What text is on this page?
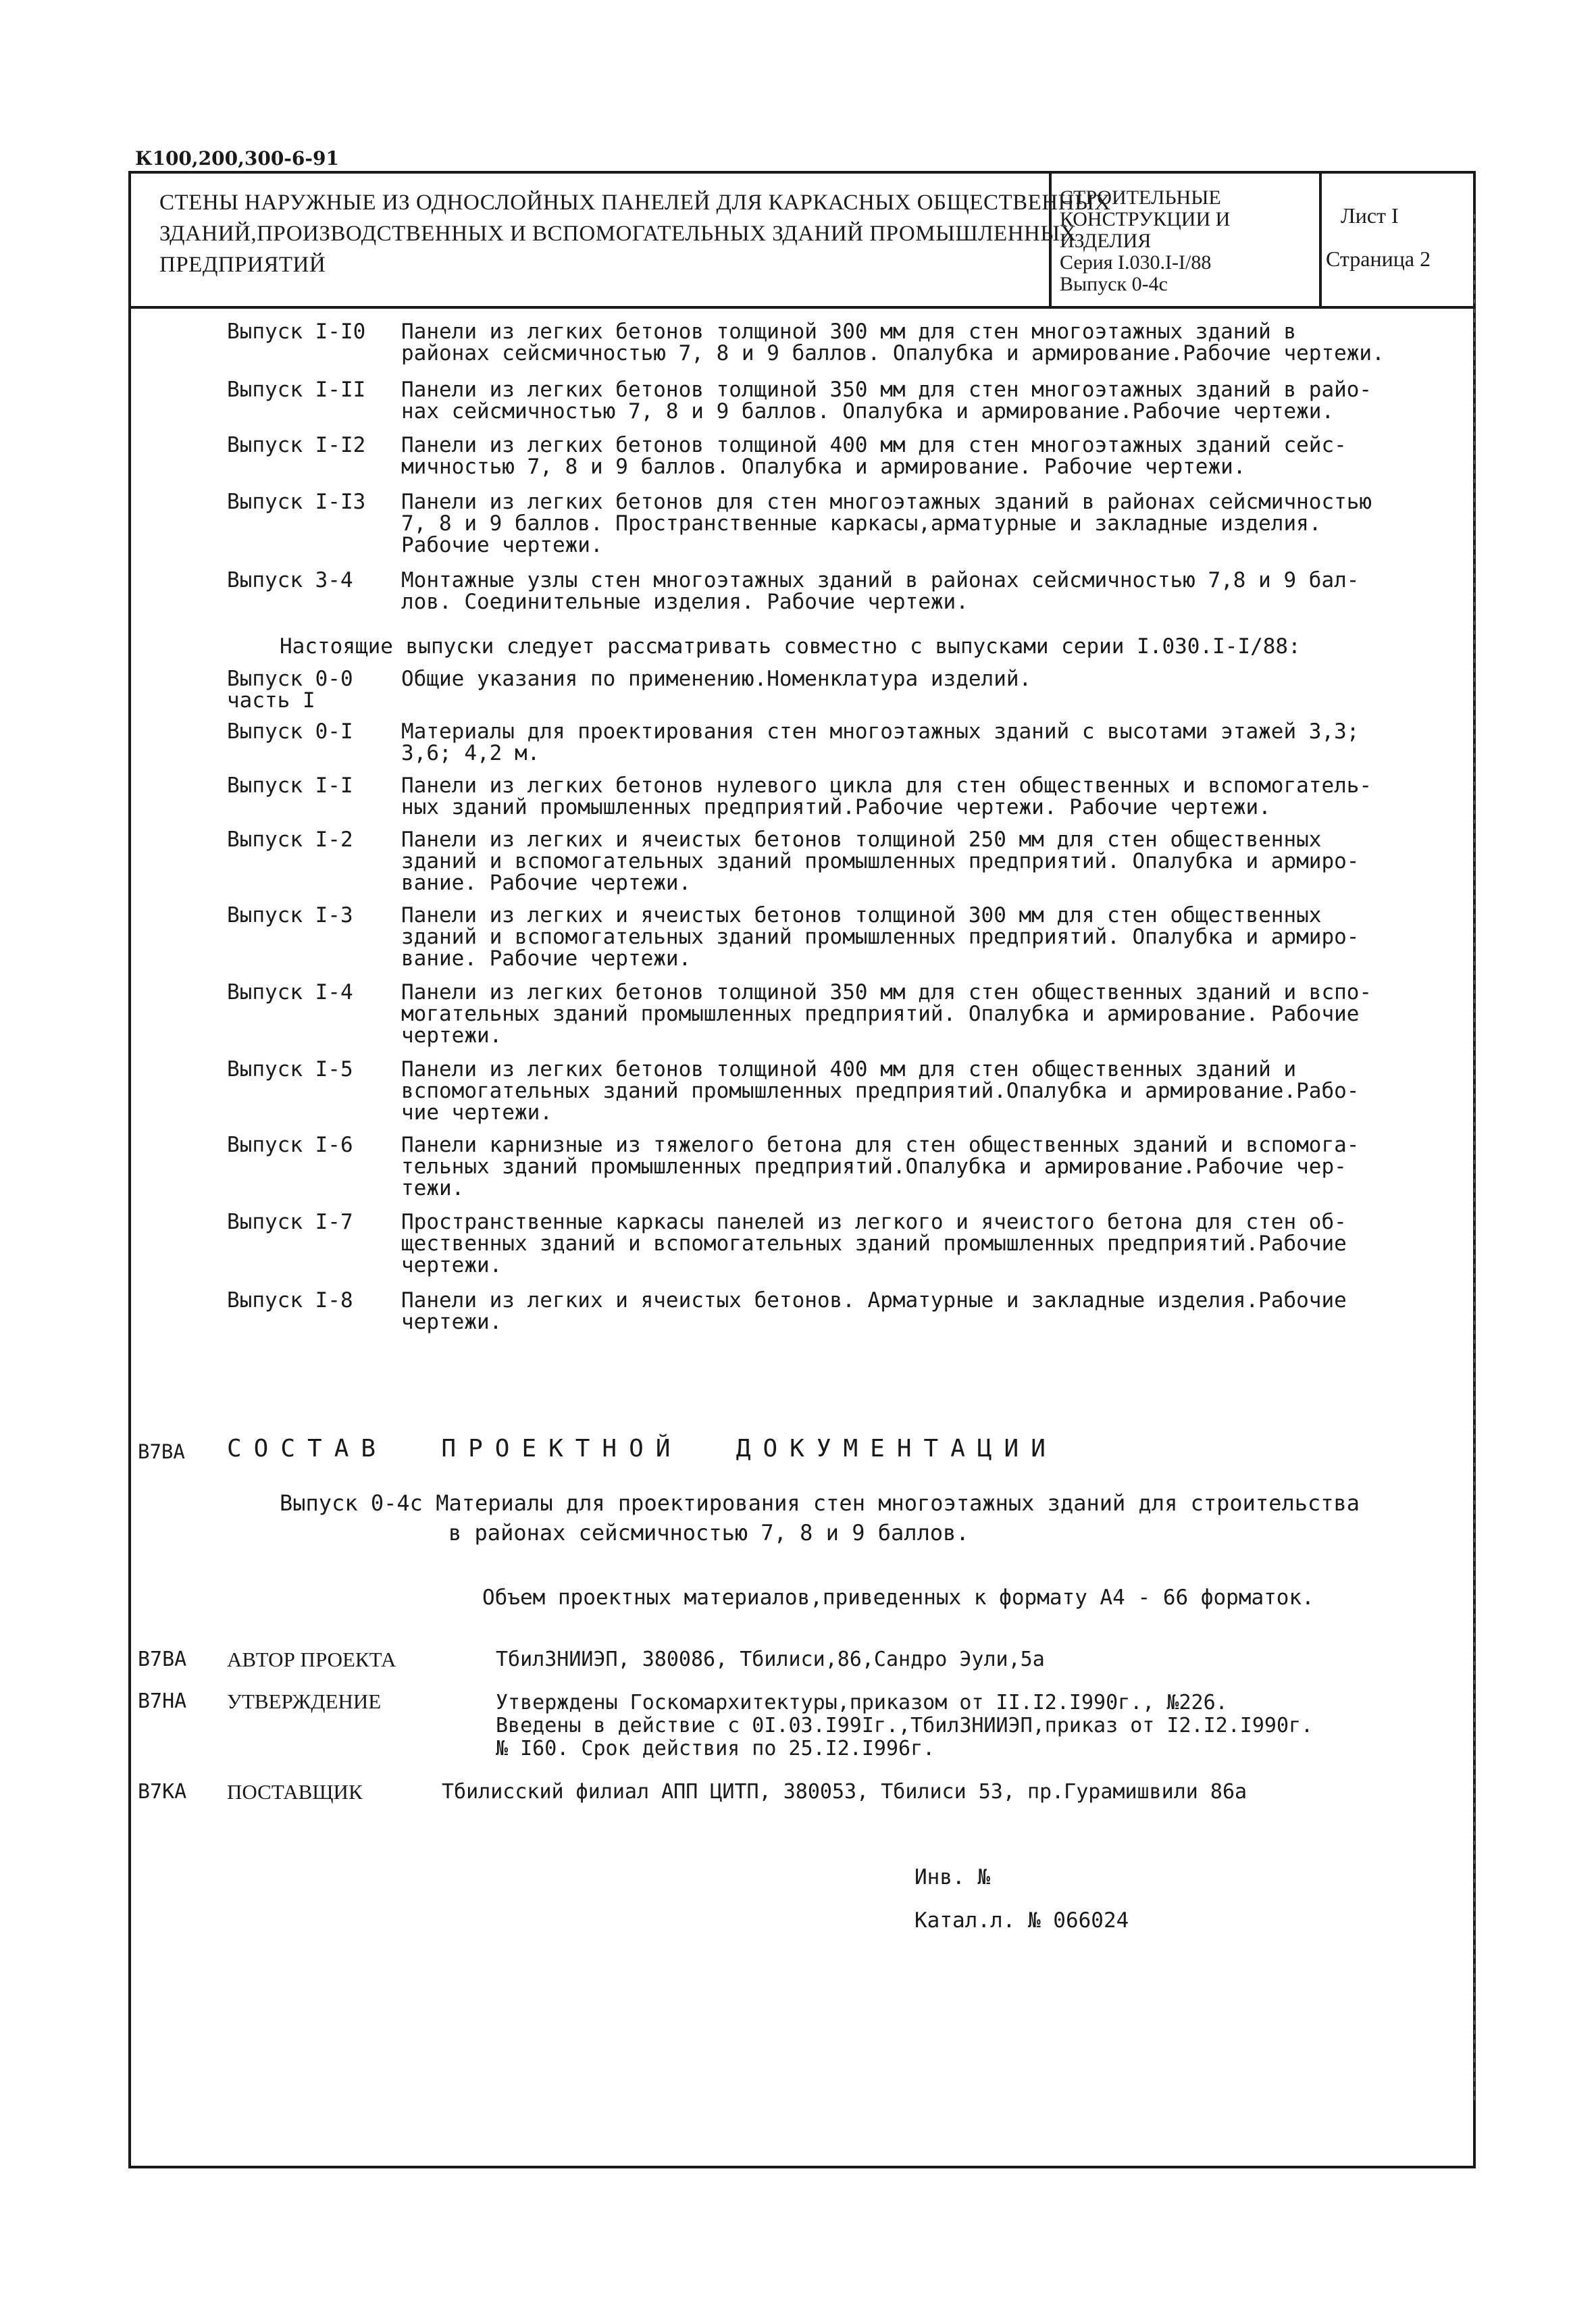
К100,200,300-6-91
СТЕНЫ НАРУЖНЫЕ ИЗ ОДНОСЛОЙНЫХ ПАНЕЛЕЙ ДЛЯ КАРКАСНЫХ ОБЩЕСТВЕННЫХ
ЗДАНИЙ,ПРОИЗВОДСТВЕННЫХ И ВСПОМОГАТЕЛЬНЫХ ЗДАНИЙ ПРОМЫШЛЕННЫХ
ПРЕДПРИЯТИЙ
СТРОИТЕЛЬНЫЕ
КОНСТРУКЦИИ И
ИЗДЕЛИЯ
Серия I.030.I-I/88
Выпуск 0-4с
Лист I
Страница 2
Выпуск I-I0	Панели из легких бетонов толщиной 300 мм для стен многоэтажных зданий в
районах сейсмичностью 7, 8 и 9 баллов. Опалубка и армирование.Рабочие чертежи.
Выпуск I-II	Панели из легких бетонов толщиной 350 мм для стен многоэтажных зданий в райо-
нах сейсмичностью 7, 8 и 9 баллов. Опалубка и армирование.Рабочие чертежи.
Выпуск I-I2	Панели из легких бетонов толщиной 400 мм для стен многоэтажных зданий сейс-
мичностью 7, 8 и 9 баллов. Опалубка и армирование. Рабочие чертежи.
Выпуск I-I3	Панели из легких бетонов для стен многоэтажных зданий в районах сейсмичностью
7, 8 и 9 баллов. Пространственные каркасы,арматурные и закладные изделия.
Рабочие чертежи.
Выпуск 3-4	Монтажные узлы стен многоэтажных зданий в районах сейсмичностью 7,8 и 9 бал-
лов. Соединительные изделия. Рабочие чертежи.
Настоящие выпуски следует рассматривать совместно с выпусками серии I.030.I-I/88:
Выпуск 0-0
часть I
Общие указания по применению.Номенклатура изделий.
Выпуск 0-I	Материалы для проектирования стен многоэтажных зданий с высотами этажей 3,3;
3,6; 4,2 м.
Выпуск I-I	Панели из легких бетонов нулевого цикла для стен общественных и вспомогатель-
ных зданий промышленных предприятий.Рабочие чертежи. Рабочие чертежи.
Выпуск I-2	Панели из легких и ячеистых бетонов толщиной 250 мм для стен общественных
зданий и вспомогательных зданий промышленных предприятий. Опалубка и армиро-
вание. Рабочие чертежи.
Выпуск I-3	Панели из легких и ячеистых бетонов толщиной 300 мм для стен общественных
зданий и вспомогательных зданий промышленных предприятий. Опалубка и армиро-
вание. Рабочие чертежи.
Выпуск I-4	Панели из легких бетонов толщиной 350 мм для стен общественных зданий и вспо-
могательных зданий промышленных предприятий. Опалубка и армирование. Рабочие
чертежи.
Выпуск I-5	Панели из легких бетонов толщиной 400 мм для стен общественных зданий и
вспомогательных зданий промышленных предприятий.Опалубка и армирование.Рабо-
чие чертежи.
Выпуск I-6	Панели карнизные из тяжелого бетона для стен общественных зданий и вспомога-
тельных зданий промышленных предприятий.Опалубка и армирование.Рабочие чер-
тежи.
Выпуск I-7	Пространственные каркасы панелей из легкого и ячеистого бетона для стен об-
щественных зданий и вспомогательных зданий промышленных предприятий.Рабочие
чертежи.
Выпуск I-8	Панели из легких и ячеистых бетонов. Арматурные и закладные изделия.Рабочие
чертежи.
В7ВА СОСТАВ  ПРОЕКТНОЙ  ДОКУМЕНТАЦИИ
Выпуск 0-4с Материалы для проектирования стен многоэтажных зданий для строительства
в районах сейсмичностью 7, 8 и 9 баллов.
Объем проектных материалов,приведенных к формату А4 - 66 форматок.
В7ВА АВТОР ПРОЕКТА	ТбилЗНИИЭП, 380086, Тбилиси,86,Сандро Эули,5а
В7НА УТВЕРЖДЕНИЕ	Утверждены Госкомархитектуры,приказом от II.I2.I990г., №226.
Введены в действие с 0I.03.I99Iг.,ТбилЗНИИЭП,приказ от I2.I2.I990г.
№ I60. Срок действия по 25.I2.I996г.
В7КА ПОСТАВЩИК	Тбилисский филиал АПП ЦИТП, 380053, Тбилиси 53, пр.Гурамишвили 86а
Инв. №
Катал.л. № 066024
